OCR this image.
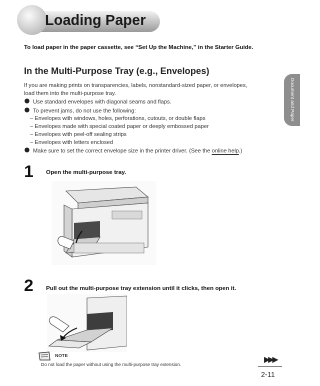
Document and Paper
Loading Paper
To load paper in the paper cassette, see “Set Up the Machine,” in the Starter Guide.
In the Multi-Purpose Tray (e.g., Envelopes)
If you are making prints on transparencies, labels, nonstandard-sized paper, or envelopes,
load them into the multi-purpose tray.
Use standard envelopes with diagonal seams and flaps.
To prevent jams, do not use the following:
– Envelopes with windows, holes, perforations, cutouts, or double flaps
– Envelopes made with special coated paper or deeply embossed paper
– Envelopes with peel-off sealing strips
– Envelopes with letters enclosed
Make sure to set the correct envelope size in the printer driver. (See the online help.)
1 Open the multi-purpose tray.
2 Pull out the multi-purpose tray extension until it clicks, then open it.
NOTE
Do not load the paper without using the multi-purpose tray extension.
▶▶▶
2-11
